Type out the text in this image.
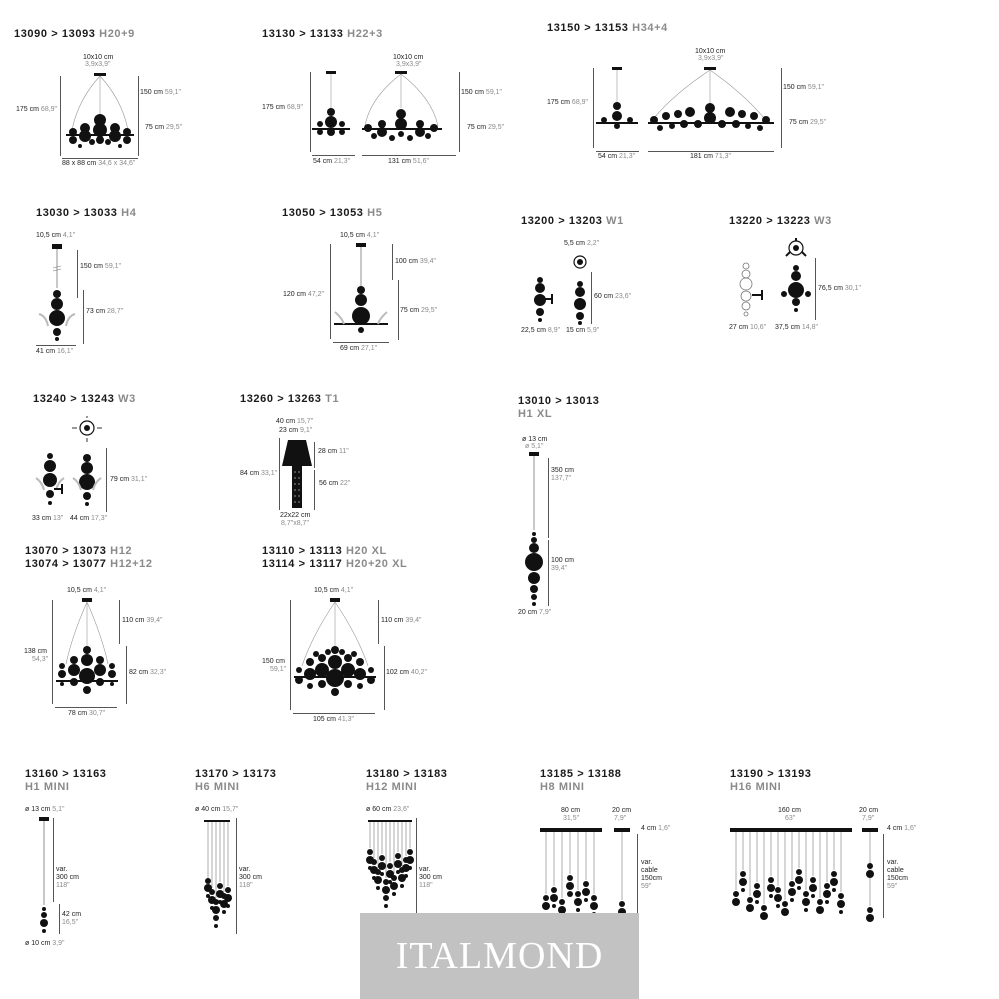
13090 > 13093 H20+9
10x10 cm
3,9x3,9"
175 cm 68,9"
150 cm 59,1"
75 cm 29,5"
88 x 88 cm 34,6 x 34,6"
13130 > 13133 H22+3
10x10 cm
3,9x3,9"
175 cm 68,9"
150 cm 59,1"
75 cm 29,5"
54 cm 21,3"	131 cm 51,6"
13150 > 13153 H34+4
10x10 cm
3,9x3,9"
175 cm 68,9"
150 cm 59,1"
75 cm 29,5"
54 cm 21,3"	181 cm 71,3"
13030 > 13033 H4
10,5 cm 4,1"
150 cm 59,1"
73 cm 28,7"
41 cm 16,1"
13050 > 13053 H5
10,5 cm 4,1"
120 cm 47,2"
100 cm 39,4"
75 cm 29,5"
69 cm 27,1"
13200 > 13203 W1
5,5 cm 2,2"
60 cm 23,6"
22,5 cm 8,9" 15 cm 5,9"
13220 > 13223 W3
76,5 cm 30,1"
27 cm 10,6" 37,5 cm 14,8"
13240 > 13243 W3
79 cm 31,1"
33 cm 13" 44 cm 17,3"
13260 > 13263 T1
40 cm 15,7"
23 cm 9,1"
84 cm 33,1"
28 cm 11"
56 cm 22"
22x22 cm
8,7"x8,7"
13010 > 13013
H1 XL
ø 13 cm
ø 5,1"
350 cm
137,7"
100 cm
39,4"
20 cm 7,9"
13070 > 13073 H12
13074 > 13077 H12+12
10,5 cm 4,1"
138 cm
54,3"
110 cm 39,4"
82 cm 32,3"
78 cm 30,7"
13110 > 13113 H20 XL
13114 > 13117 H20+20 XL
10,5 cm 4,1"
150 cm
59,1"
110 cm 39,4"
102 cm 40,2"
105 cm 41,3"
13160 > 13163
H1 MINI
ø 13 cm 5,1"
var.
300 cm
118"
42 cm
16,5"
ø 10 cm 3,9"
13170 > 13173
H6 MINI
ø 40 cm 15,7"
var.
300 cm
118"
13180 > 13183
H12 MINI
ø 60 cm 23,6"
var.
300 cm
118"
13185 > 13188
H8 MINI
80 cm
31,5"
20 cm
7,9"
4 cm 1,6"
var.
cable
150cm
59"
13190 > 13193
H16 MINI
160 cm
63"
20 cm
7,9"
4 cm 1,6"
var.
cable
150cm
59"
ITALMOND
